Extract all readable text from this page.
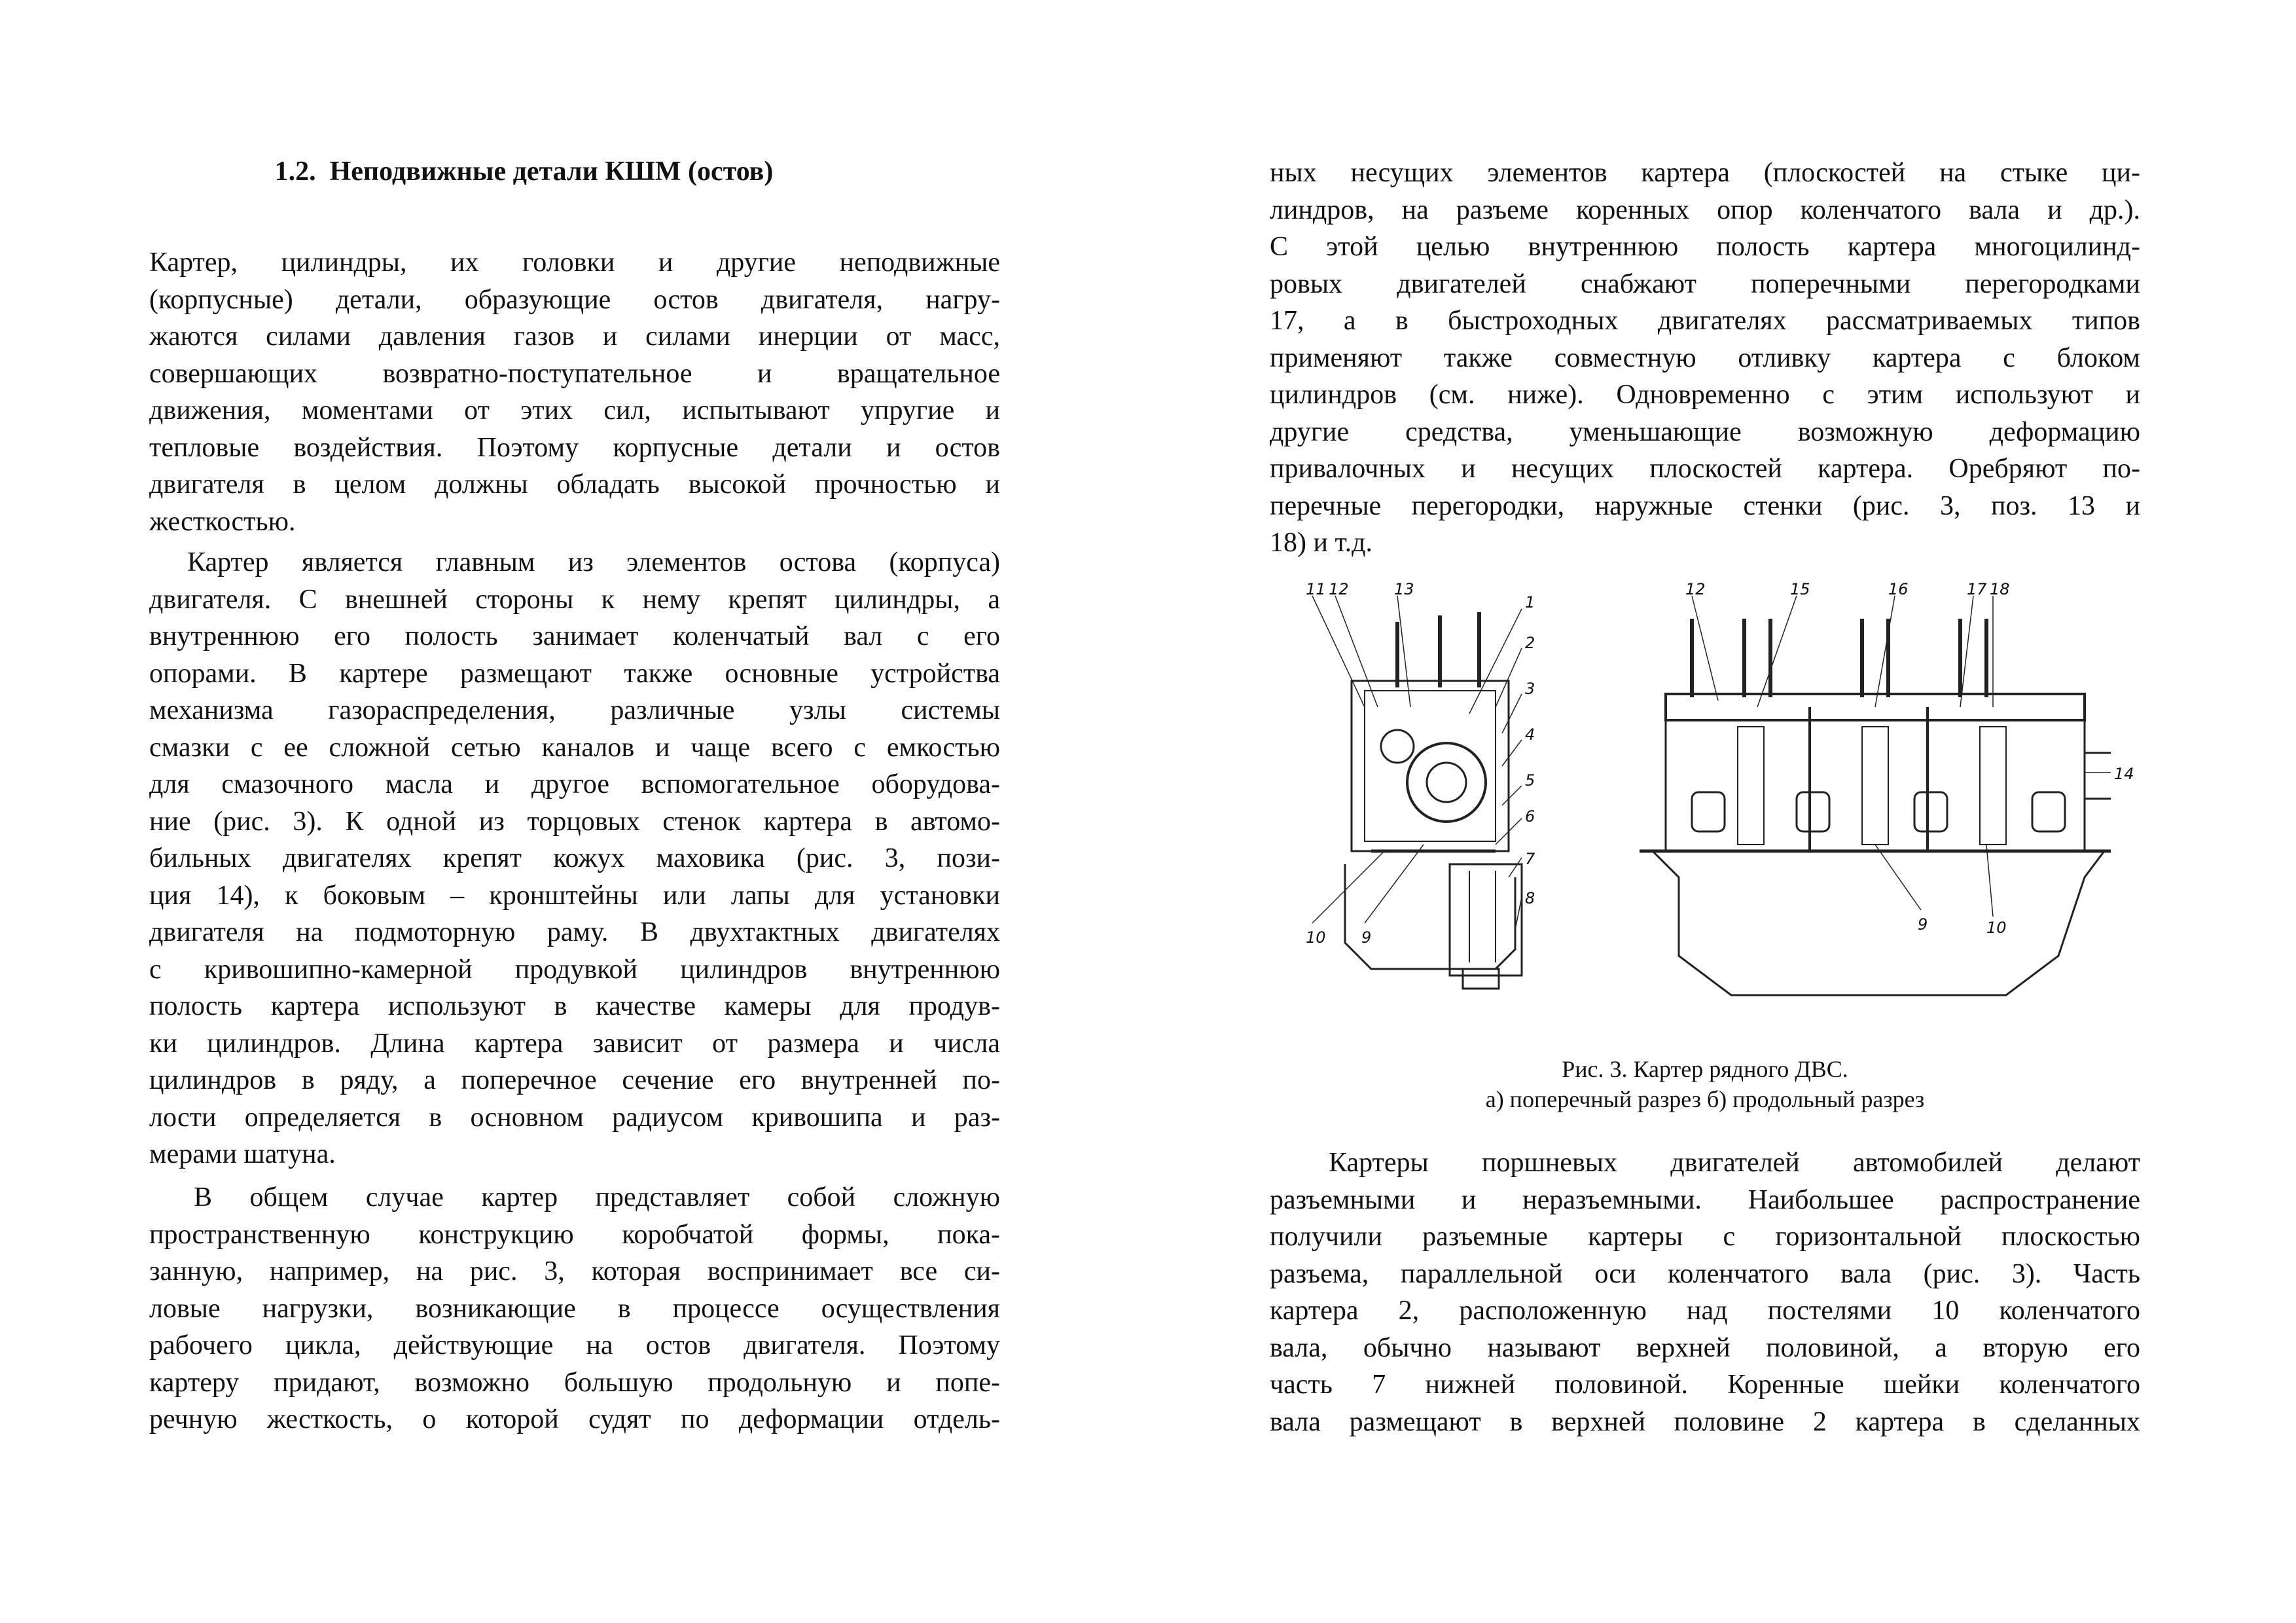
1.2.  Неподвижные детали КШМ (остов)
Картер, цилиндры, их головки и другие неподвижные
(корпусные) детали, образующие остов двигателя, нагру-
жаются силами давления газов и силами инерции от масс,
совершающих возвратно-поступательное и вращательное
движения, моментами от этих сил, испытывают упругие и
тепловые воздействия. Поэтому корпусные детали и остов
двигателя в целом должны обладать высокой прочностью и
жесткостью.
Картер является главным из элементов остова (корпуса)
двигателя. С внешней стороны к нему крепят цилиндры, а
внутреннюю его полость занимает коленчатый вал с его
опорами. В картере размещают также основные устройства
механизма газораспределения, различные узлы системы
смазки с ее сложной сетью каналов и чаще всего с емкостью
для смазочного масла и другое вспомогательное оборудова-
ние (рис. 3). К одной из торцовых стенок картера в автомо-
бильных двигателях крепят кожух маховика (рис. 3, пози-
ция 14), к боковым – кронштейны или лапы для установки
двигателя на подмоторную раму. В двухтактных двигателях
с кривошипно-камерной продувкой цилиндров внутреннюю
полость картера используют в качестве камеры для продув-
ки цилиндров. Длина картера зависит от размера и числа
цилиндров в ряду, а поперечное сечение его внутренней по-
лости определяется в основном радиусом кривошипа и раз-
мерами шатуна.
В общем случае картер представляет собой сложную
пространственную конструкцию коробчатой формы, пока-
занную, например, на рис. 3, которая воспринимает все си-
ловые нагрузки, возникающие в процессе осуществления
рабочего цикла, действующие на остов двигателя. Поэтому
картеру придают, возможно большую продольную и попе-
речную жесткость, о которой судят по деформации отдель-
ных несущих элементов картера (плоскостей на стыке ци-
линдров, на разъеме коренных опор коленчатого вала и др.).
С этой целью внутреннюю полость картера многоцилинд-
ровых двигателей снабжают поперечными перегородками
17, а в быстроходных двигателях рассматриваемых типов
применяют также совместную отливку картера с блоком
цилиндров (см. ниже). Одновременно с этим используют и
другие средства, уменьшающие возможную деформацию
привалочных и несущих плоскостей картера. Оребряют по-
перечные перегородки, наружные стенки (рис. 3, поз. 13 и
18) и т.д.
Рис. 3. Картер рядного ДВС.
а) поперечный разрез б) продольный разрез
Картеры поршневых двигателей автомобилей делают
разъемными и неразъемными. Наибольшее распространение
получили разъемные картеры с горизонтальной плоскостью
разъема, параллельной оси коленчатого вала (рис. 3). Часть
картера 2, расположенную над постелями 10 коленчатого
вала, обычно называют верхней половиной, а вторую его
часть 7 нижней половиной. Коренные шейки коленчатого
вала размещают в верхней половине 2 картера в сделанных
11 12	13
1
2
3
4
5
6
7
8
10 9
12	15	16	17 18
14
9	10
